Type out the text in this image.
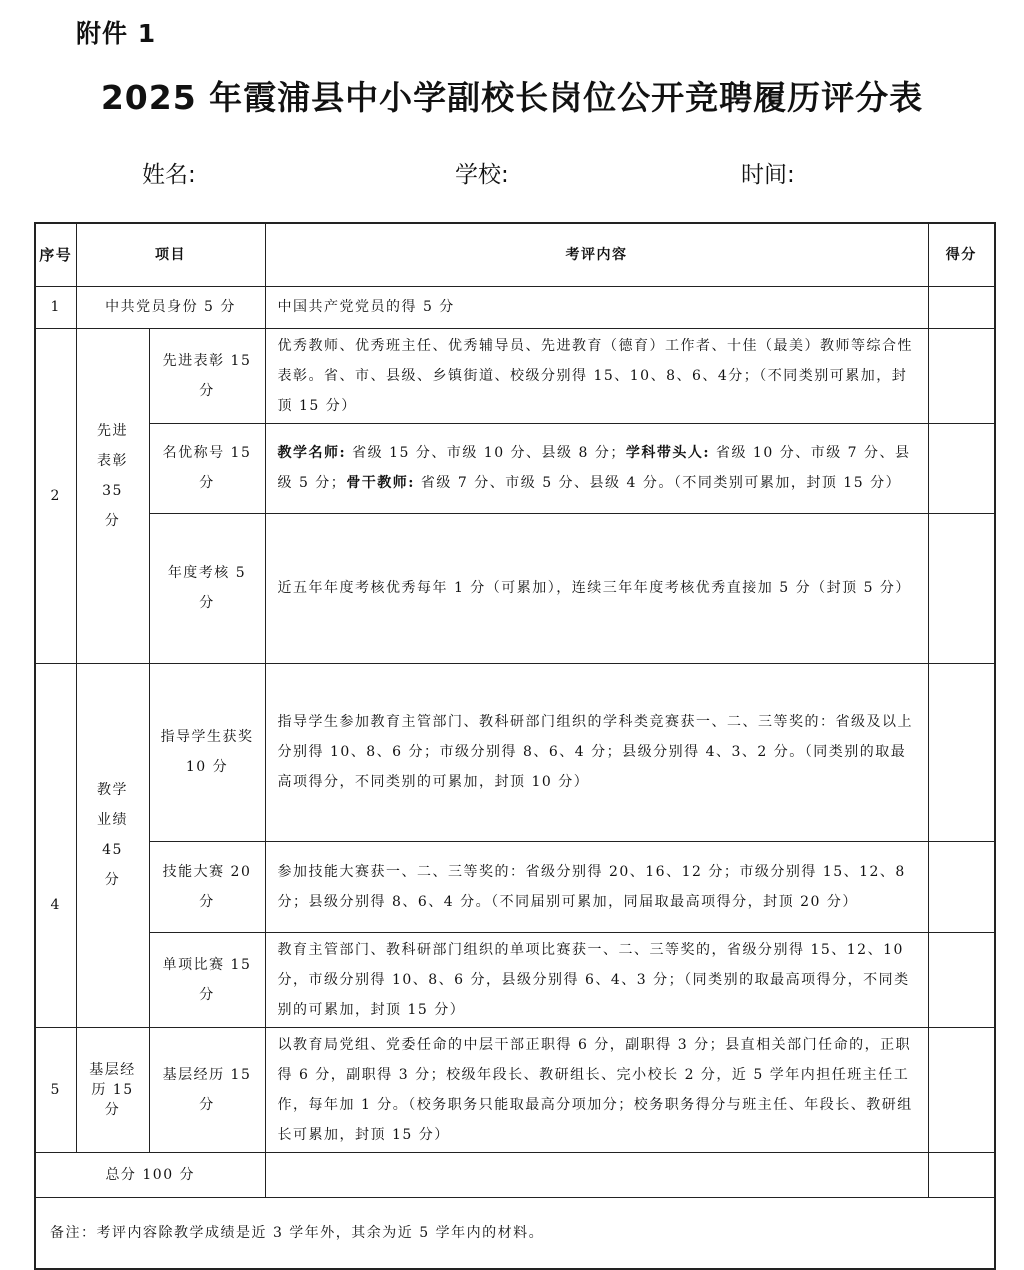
附件 1
2025 年霞浦县中小学副校长岗位公开竞聘履历评分表
姓名:	学校:	时间:
序号	项目		考评内容	得分
1	中共党员身份 5 分		中国共产党党员的得 5 分	
2	先进表彰 35 分	先进表彰 15 分	优秀教师、优秀班主任、优秀辅导员、先进教育（德育）工作者、十佳（最美）教师等综合性表彰。省、市、县级、乡镇街道、校级分别得 15、10、8、6、4分；（不同类别可累加，封顶 15 分）	
		名优称号 15 分	教学名师: 省级 15 分、市级 10 分、县级 8 分；学科带头人: 省级 10 分、市级 7 分、县级 5 分；骨干教师: 省级 7 分、市级 5 分、县级 4 分。（不同类别可累加，封顶 15 分）	
		年度考核 5 分	近五年年度考核优秀每年 1 分（可累加），连续三年年度考核优秀直接加 5 分（封顶 5 分）	
4	教学业绩 45 分	指导学生获奖 10 分	指导学生参加教育主管部门、教科研部门组织的学科类竞赛获一、二、三等奖的：省级及以上分别得 10、8、6 分；市级分别得 8、6、4 分；县级分别得 4、3、2 分。（同类别的取最高项得分，不同类别的可累加，封顶 10 分）	
		技能大赛 20 分	参加技能大赛获一、二、三等奖的：省级分别得 20、16、12 分；市级分别得 15、12、8 分；县级分别得 8、6、4 分。（不同届别可累加，同届取最高项得分，封顶 20 分）	
		单项比赛 15 分	教育主管部门、教科研部门组织的单项比赛获一、二、三等奖的，省级分别得 15、12、10 分，市级分别得 10、8、6 分，县级分别得 6、4、3 分；（同类别的取最高项得分，不同类别的可累加，封顶 15 分）	
5	基层经历 15 分	基层经历 15 分	以教育局党组、党委任命的中层干部正职得 6 分，副职得 3 分；县直相关部门任命的，正职得 6 分，副职得 3 分；校级年段长、教研组长、完小校长 2 分，近 5 学年内担任班主任工作，每年加 1 分。（校务职务只能取最高分项加分；校务职务得分与班主任、年段长、教研组长可累加，封顶 15 分）	
总分 100 分				
备注：考评内容除教学成绩是近 3 学年外，其余为近 5 学年内的材料。				
